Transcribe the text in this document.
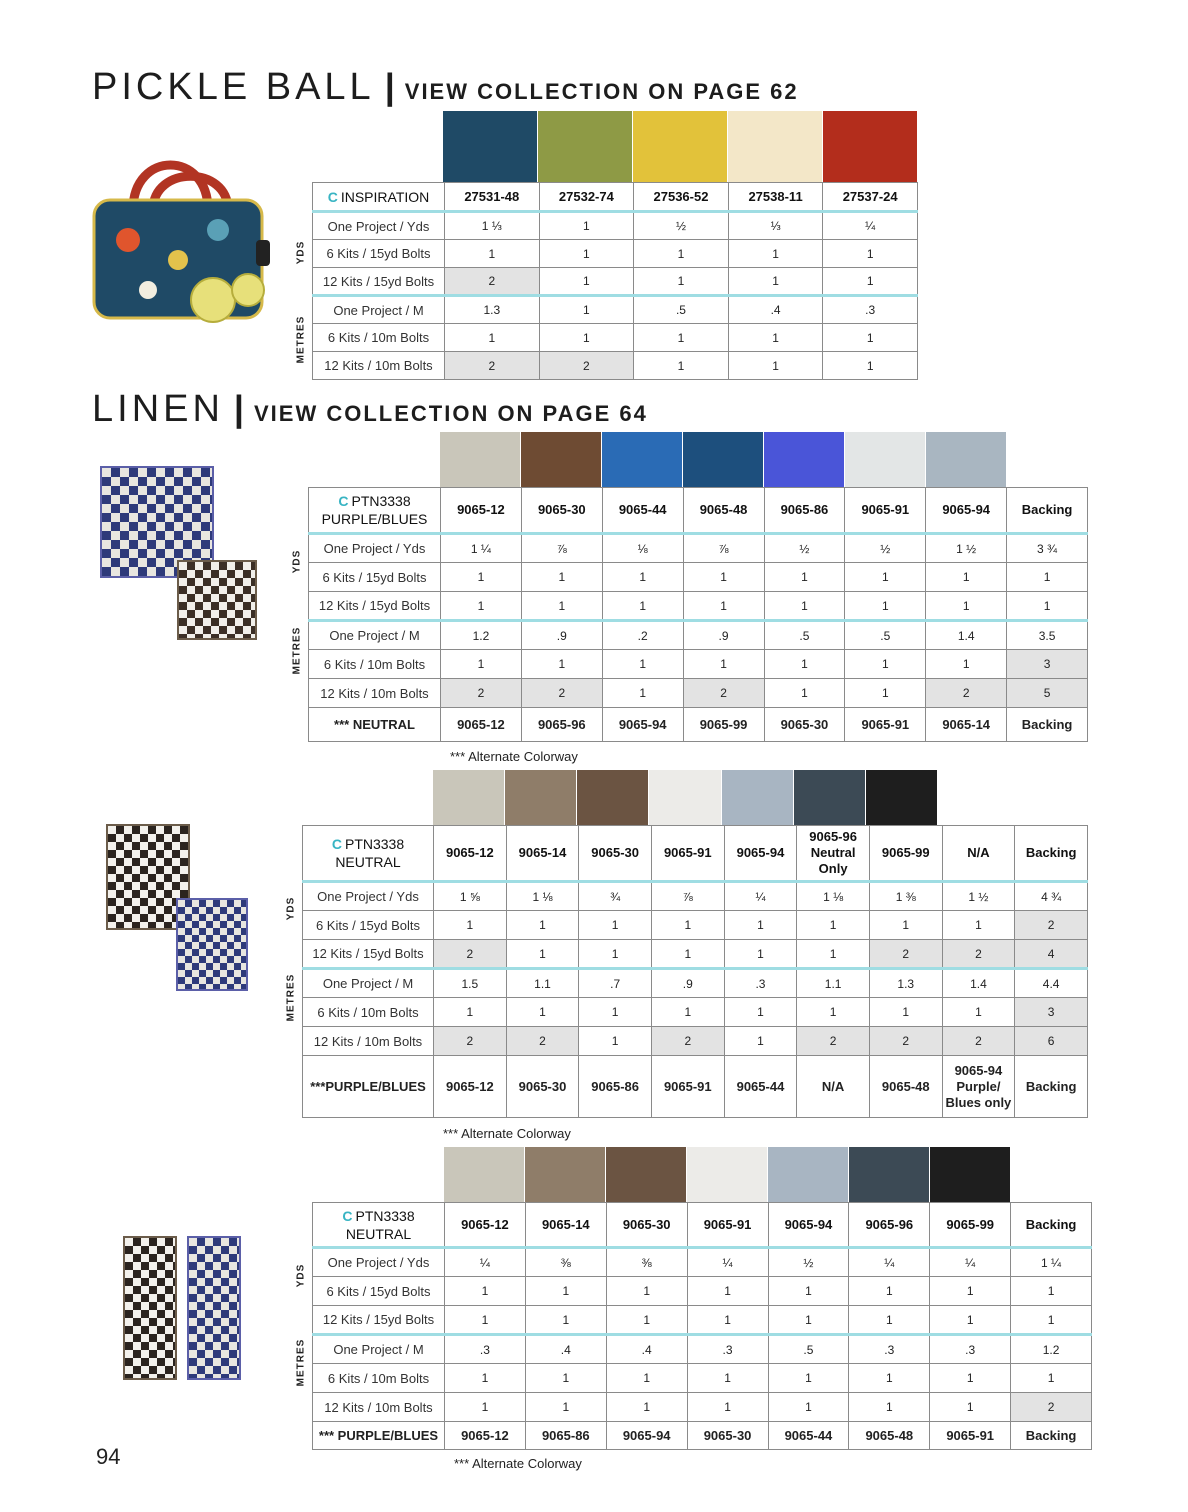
PICKLE BALL | VIEW COLLECTION ON PAGE 62
C INSPIRATION	27531-48	27532-74	27536-52	27538-11	27537-24
One Project / Yds	1 ⅓	1	½	⅓	¼
6 Kits / 15yd Bolts	1	1	1	1	1
12 Kits / 15yd Bolts	2	1	1	1	1
One Project / M	1.3	1	.5	.4	.3
6 Kits / 10m Bolts	1	1	1	1	1
12 Kits / 10m Bolts	2	2	1	1	1
YDS
METRES
LINEN | VIEW COLLECTION ON PAGE 64
C PTN3338
PURPLE/BLUES	9065-12	9065-30	9065-44	9065-48	9065-86	9065-91	9065-94	Backing
One Project / Yds	1 ¼	⅞	⅛	⅞	½	½	1 ½	3 ¾
6 Kits / 15yd Bolts	1	1	1	1	1	1	1	1
12 Kits / 15yd Bolts	1	1	1	1	1	1	1	1
One Project / M	1.2	.9	.2	.9	.5	.5	1.4	3.5
6 Kits / 10m Bolts	1	1	1	1	1	1	1	3
12 Kits / 10m Bolts	2	2	1	2	1	1	2	5
*** NEUTRAL	9065-12	9065-96	9065-94	9065-99	9065-30	9065-91	9065-14	Backing
YDS
METRES
*** Alternate Colorway
C PTN3338
NEUTRAL	9065-12	9065-14	9065-30	9065-91	9065-94	9065-96 Neutral Only	9065-99	N/A	Backing
One Project / Yds	1 ⅝	1 ⅛	¾	⅞	¼	1 ⅛	1 ⅜	1 ½	4 ¾
6 Kits / 15yd Bolts	1	1	1	1	1	1	1	1	2
12 Kits / 15yd Bolts	2	1	1	1	1	1	2	2	4
One Project / M	1.5	1.1	.7	.9	.3	1.1	1.3	1.4	4.4
6 Kits / 10m Bolts	1	1	1	1	1	1	1	1	3
12 Kits / 10m Bolts	2	2	1	2	1	2	2	2	6
***PURPLE/BLUES	9065-12	9065-30	9065-86	9065-91	9065-44	N/A	9065-48	9065-94 Purple/ Blues only	Backing
YDS
METRES
*** Alternate Colorway
C PTN3338
NEUTRAL	9065-12	9065-14	9065-30	9065-91	9065-94	9065-96	9065-99	Backing
One Project / Yds	¼	⅜	⅜	¼	½	¼	¼	1 ¼
6 Kits / 15yd Bolts	1	1	1	1	1	1	1	1
12 Kits / 15yd Bolts	1	1	1	1	1	1	1	1
One Project / M	.3	.4	.4	.3	.5	.3	.3	1.2
6 Kits / 10m Bolts	1	1	1	1	1	1	1	1
12 Kits / 10m Bolts	1	1	1	1	1	1	1	2
*** PURPLE/BLUES	9065-12	9065-86	9065-94	9065-30	9065-44	9065-48	9065-91	Backing
YDS
METRES
*** Alternate Colorway
94
